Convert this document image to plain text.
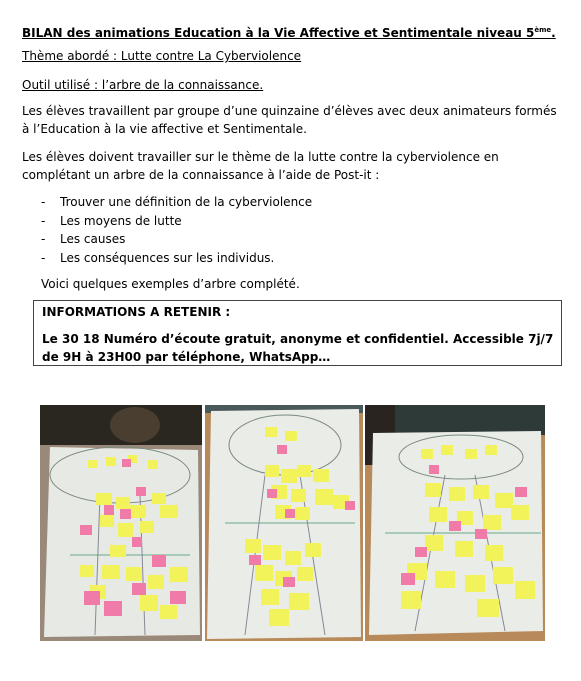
BILAN des animations Education à la Vie Affective et Sentimentale niveau 5ème.
Thème abordé : Lutte contre La Cyberviolence
Outil utilisé : l’arbre de la connaissance.
Les élèves travaillent par groupe d’une quinzaine d’élèves avec deux animateurs formés à l’Education à la vie affective et Sentimentale.
Les élèves doivent travailler sur le thème de la lutte contre la cyberviolence en complétant un arbre de la connaissance à l’aide de Post-it :
- Trouver une définition de la cyberviolence
- Les moyens de lutte
- Les causes
- Les conséquences sur les individus.
Voici quelques exemples d’arbre complété.
INFORMATIONS A RETENIR :
Le 30 18 Numéro d’écoute gratuit, anonyme et confidentiel. Accessible 7j/7 de 9H à 23H00 par téléphone, WhatsApp…
